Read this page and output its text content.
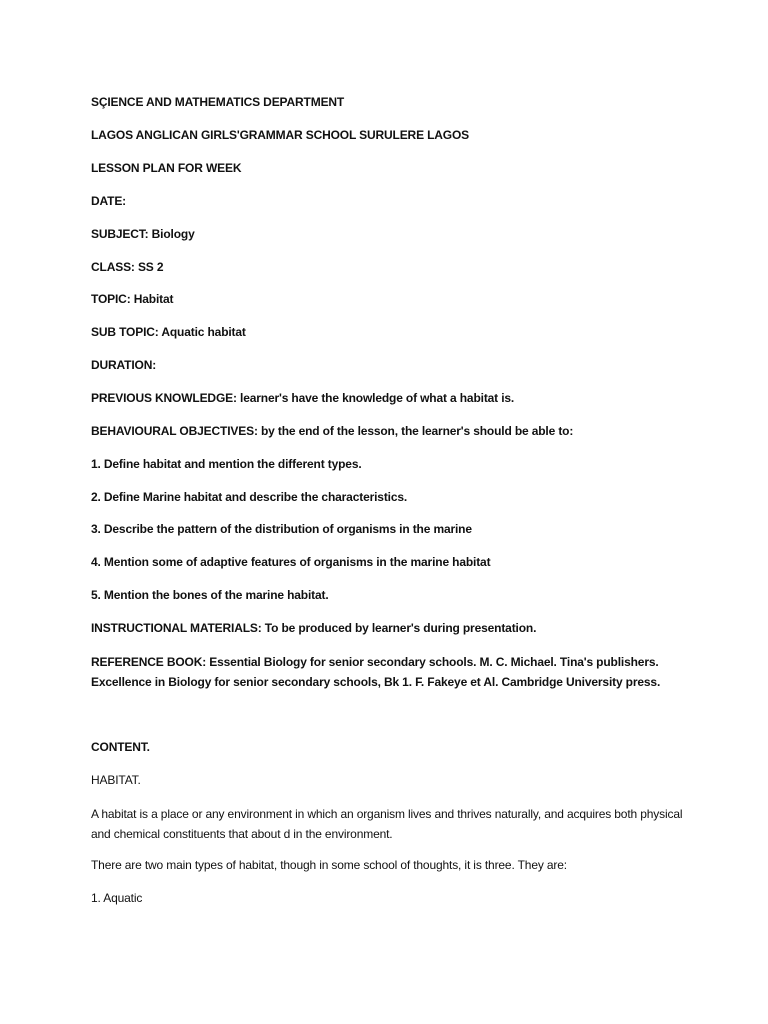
SÇIENCE AND MATHEMATICS DEPARTMENT
LAGOS ANGLICAN GIRLS'GRAMMAR SCHOOL SURULERE LAGOS
LESSON PLAN FOR WEEK
DATE:
SUBJECT: Biology
CLASS: SS 2
TOPIC: Habitat
SUB TOPIC: Aquatic habitat
DURATION:
PREVIOUS KNOWLEDGE: learner's have the knowledge of what a habitat is.
BEHAVIOURAL OBJECTIVES: by the end of the lesson, the learner's should be able to:
1. Define habitat and mention the different types.
2. Define Marine habitat and describe the characteristics.
3. Describe the pattern of the distribution of organisms in the marine
4. Mention some of adaptive features of organisms in the marine habitat
5. Mention the bones of the marine habitat.
INSTRUCTIONAL MATERIALS: To be produced by learner's during presentation.
REFERENCE BOOK: Essential Biology for senior secondary schools. M. C. Michael. Tina's publishers. Excellence in Biology for senior secondary schools, Bk 1. F. Fakeye et Al. Cambridge University press.
CONTENT.
HABITAT.
A habitat is a place or any environment in which an organism lives and thrives naturally, and acquires both physical and chemical constituents that about d in the environment.
There are two main types of habitat, though in some school of thoughts, it is three. They are:
1. Aquatic
